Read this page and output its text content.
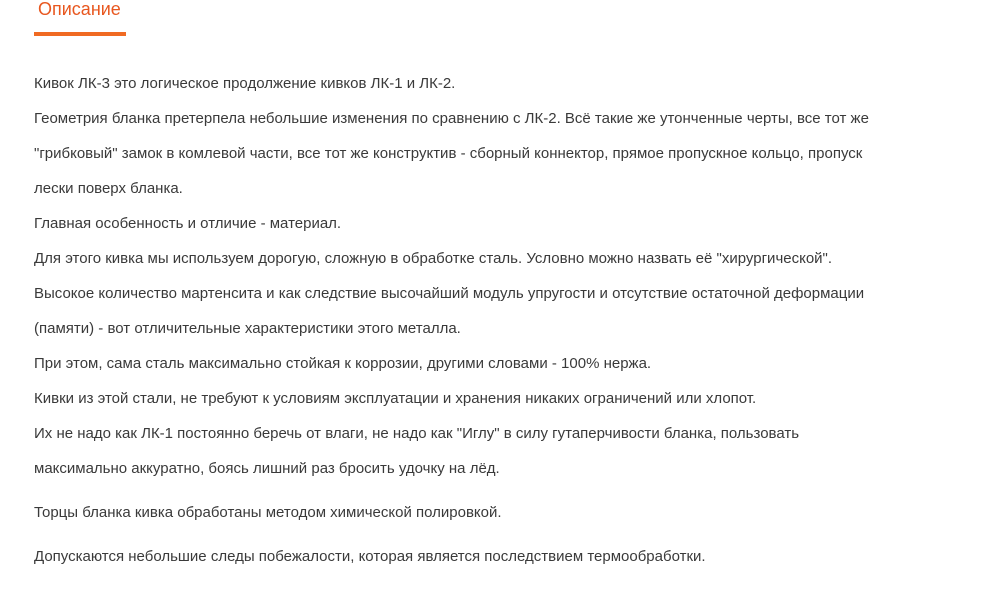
Описание

Кивок ЛК-3 это логическое продолжение кивков ЛК-1 и ЛК-2.

Геометрия бланка претерпела небольшие изменения по сравнению с ЛК-2. Всё такие же утонченные черты, все тот же

"грибковый" замок в комлевой части, все тот же конструктив - сборный коннектор, прямое пропускное кольцо, пропуск

лески поверх бланка.

Главная особенность и отличие - материал.

Для этого кивка мы используем дорогую, сложную в обработке сталь. Условно можно назвать её "хирургической".

Высокое количество мартенсита и как следствие высочайший модуль упругости и отсутствие остаточной деформации

(памяти) - вот отличительные характеристики этого металла.

При этом, сама сталь максимально стойкая к коррозии, другими словами - 100% нержа.

Кивки из этой стали, не требуют к условиям эксплуатации и хранения никаких ограничений или хлопот.

Их не надо как ЛК-1 постоянно беречь от влаги, не надо как "Иглу" в силу гутаперчивости бланка, пользовать

максимально аккуратно, боясь лишний раз бросить удочку на лёд.

Торцы бланка кивка обработаны методом химической полировкой.

Допускаются небольшие следы побежалости, которая является последствием термообработки.
